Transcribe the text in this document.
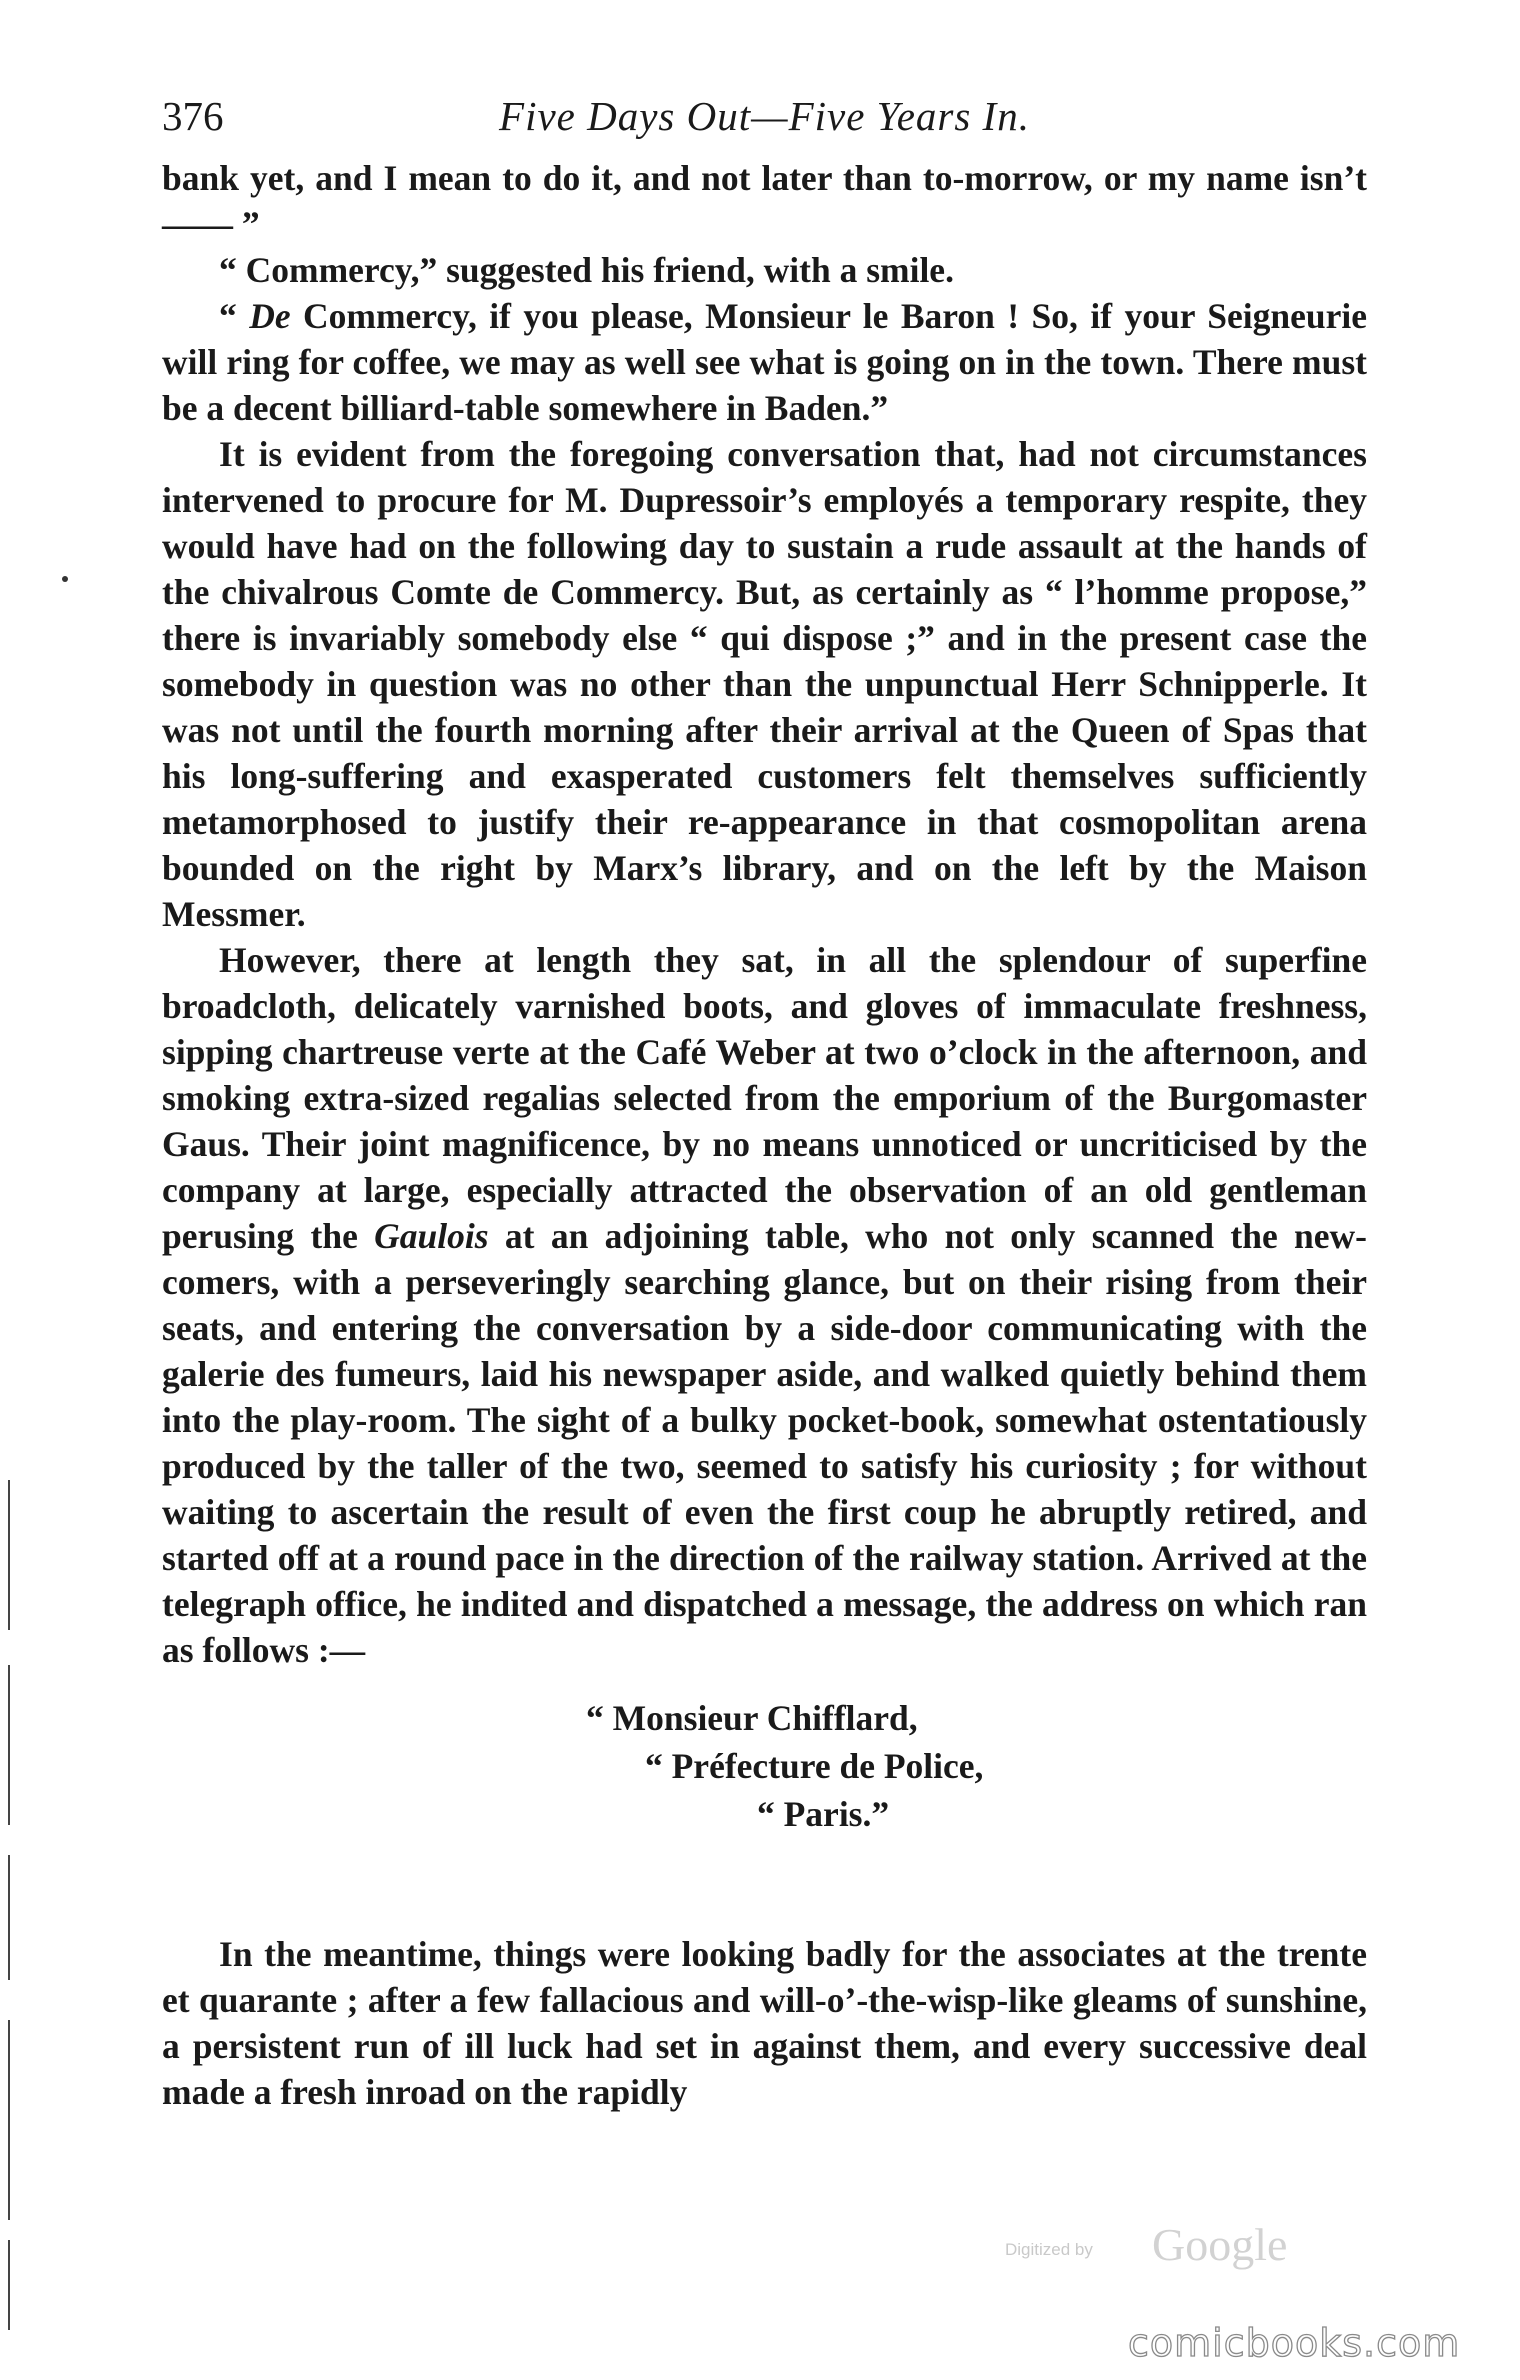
376	Five Days Out—Five Years In.

bank yet, and I mean to do it, and not later than to-morrow, or my name isn’t —— ”

“ Commercy,” suggested his friend, with a smile.

“ De Commercy, if you please, Monsieur le Baron ! So, if your Seigneurie will ring for coffee, we may as well see what is going on in the town. There must be a decent billiard-table somewhere in Baden.”

It is evident from the foregoing conversation that, had not circumstances intervened to procure for M. Dupressoir’s employés a temporary respite, they would have had on the following day to sustain a rude assault at the hands of the chivalrous Comte de Commercy. But, as certainly as “ l’homme propose,” there is invariably somebody else “ qui dispose ;” and in the present case the somebody in question was no other than the unpunctual Herr Schnipperle. It was not until the fourth morning after their arrival at the Queen of Spas that his long-suffering and exasperated customers felt themselves sufficiently metamorphosed to justify their re-appearance in that cosmopolitan arena bounded on the right by Marx’s library, and on the left by the Maison Messmer.

However, there at length they sat, in all the splendour of superfine broadcloth, delicately varnished boots, and gloves of immaculate freshness, sipping chartreuse verte at the Café Weber at two o’clock in the afternoon, and smoking extra-sized regalias selected from the emporium of the Burgomaster Gaus. Their joint magnificence, by no means unnoticed or uncriticised by the company at large, especially attracted the observation of an old gentleman perusing the Gaulois at an adjoining table, who not only scanned the new-comers, with a perseveringly searching glance, but on their rising from their seats, and entering the conversation by a side-door communicating with the galerie des fumeurs, laid his newspaper aside, and walked quietly behind them into the play-room. The sight of a bulky pocket-book, somewhat ostentatiously produced by the taller of the two, seemed to satisfy his curiosity ; for without waiting to ascertain the result of even the first coup he abruptly retired, and started off at a round pace in the direction of the railway station. Arrived at the telegraph office, he indited and dispatched a message, the address on which ran as follows :—

“ Monsieur Chifflard,
“ Préfecture de Police,
“ Paris.”

In the meantime, things were looking badly for the associates at the trente et quarante ; after a few fallacious and will-o’-the-wisp-like gleams of sunshine, a persistent run of ill luck had set in against them, and every successive deal made a fresh inroad on the rapidly

Digitized by Google
comicbooks.com
